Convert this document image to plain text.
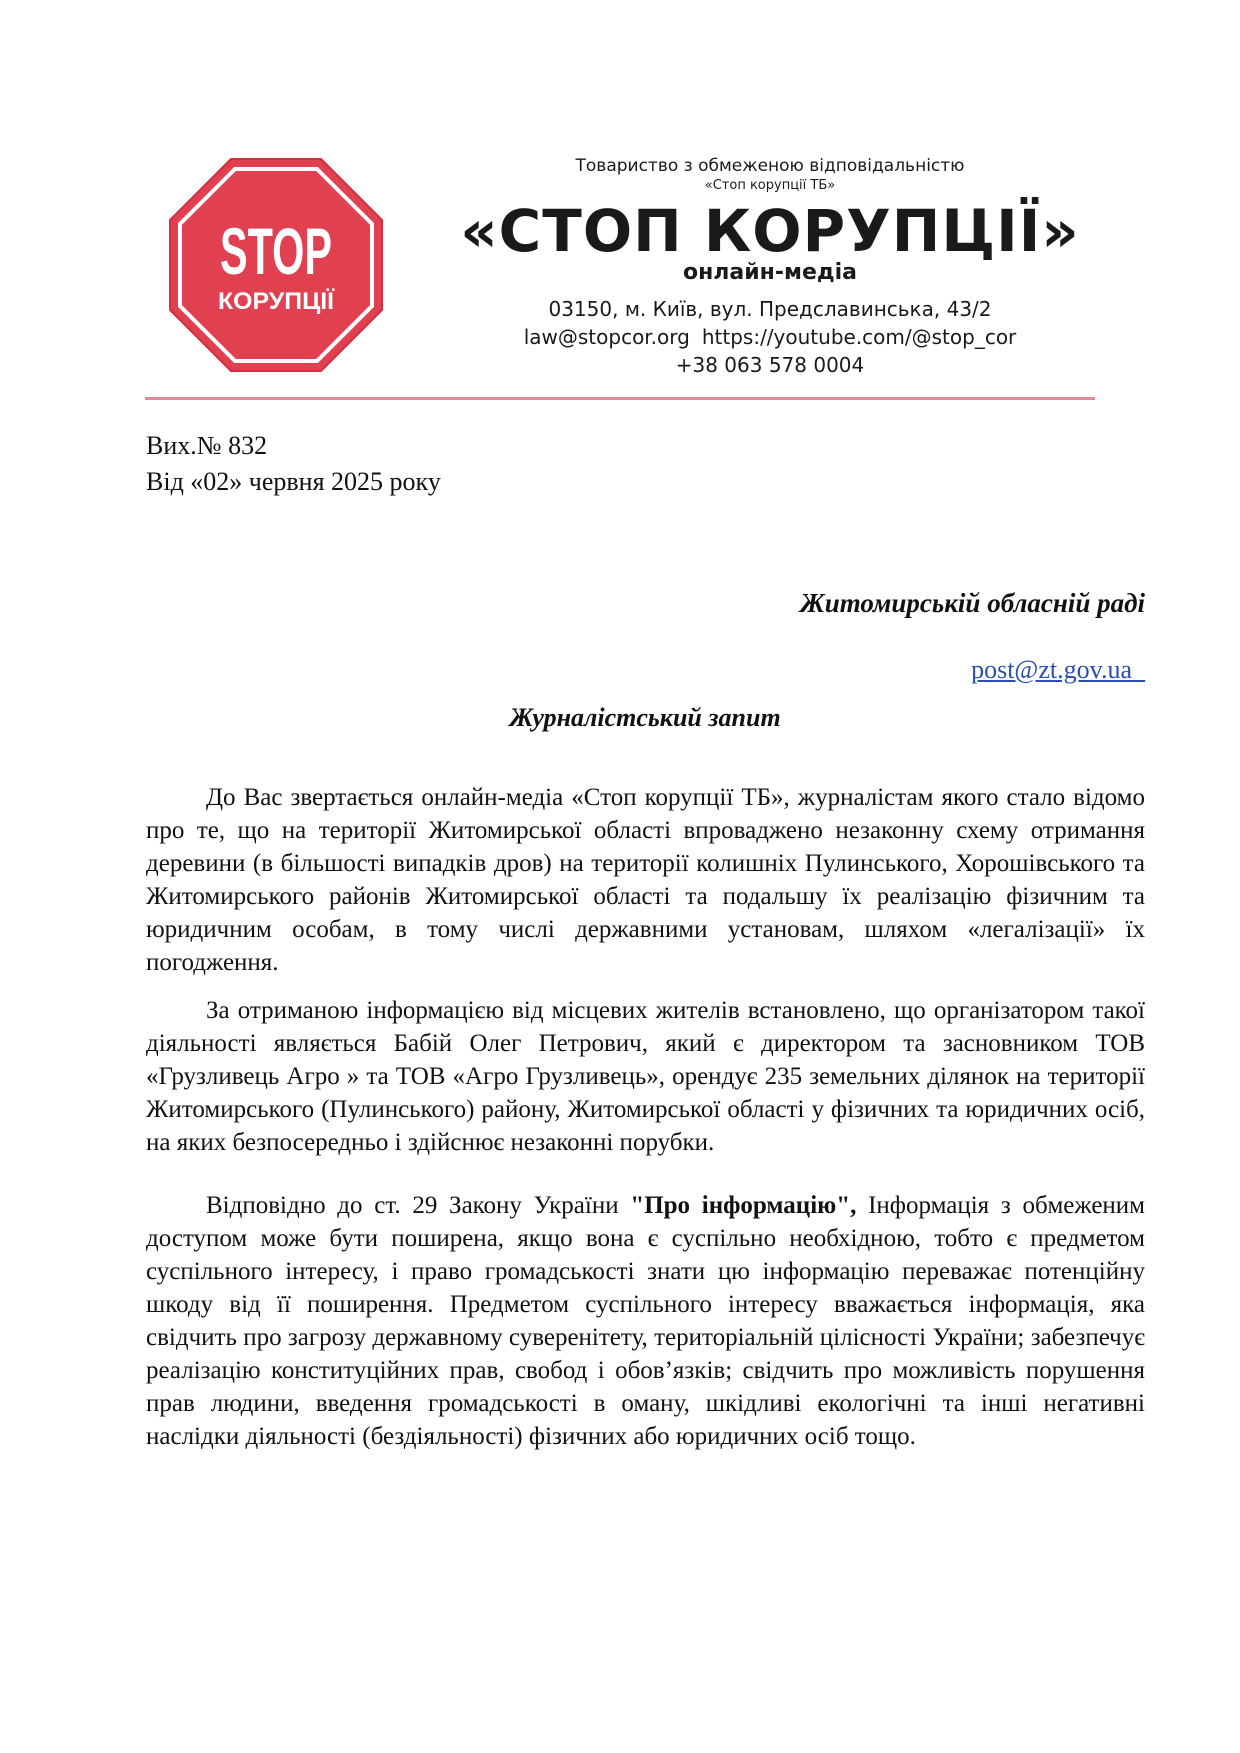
STOP
КОРУПЦІЇ
Товариство з обмеженою відповідальністю
«Стоп корупції ТБ»
«СТОП КОРУПЦІЇ»
онлайн-медіа
03150, м. Київ, вул. Предславинська, 43/2
law@stopcor.org https://youtube.com/@stop_cor
+38 063 578 0004
Вих.№ 832
Від «02» червня 2025 року
Житомирській обласній раді
post@zt.gov.ua_
Журналістський запит

До Вас звертається онлайн-медіа «Стоп корупції ТБ», журналістам якого стало відомо про те, що на території Житомирської області впроваджено незаконну схему отримання деревини (в більшості випадків дров) на території колишніх Пулинського, Хорошівського та Житомирського районів Житомирської області та подальшу їх реалізацію фізичним та юридичним особам, в тому числі державними установам, шляхом «легалізації» їх погодження.

За отриманою інформацією від місцевих жителів встановлено, що організатором такої діяльності являється Бабій Олег Петрович, який є директором та засновником ТОВ «Грузливець Агро » та ТОВ «Агро Грузливець», орендує 235 земельних ділянок на території Житомирського (Пулинського) району, Житомирської області у фізичних та юридичних осіб, на яких безпосередньо і здійснює незаконні порубки.

Відповідно до ст. 29 Закону України "Про інформацію", Інформація з обмеженим доступом може бути поширена, якщо вона є суспільно необхідною, тобто є предметом суспільного інтересу, і право громадськості знати цю інформацію переважає потенційну шкоду від її поширення. Предметом суспільного інтересу вважається інформація, яка свідчить про загрозу державному суверенітету, територіальній цілісності України; забезпечує реалізацію конституційних прав, свобод і обов’язків; свідчить про можливість порушення прав людини, введення громадськості в оману, шкідливі екологічні та інші негативні наслідки діяльності (бездіяльності) фізичних або юридичних осіб тощо.
